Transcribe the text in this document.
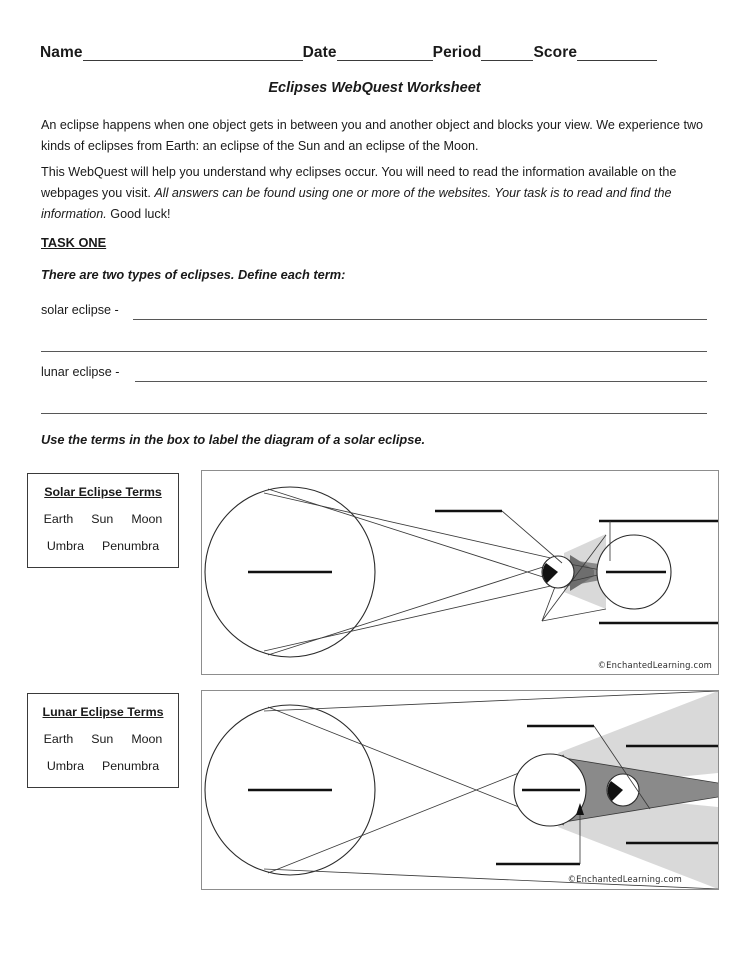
Name	Date	Period	Score
Eclipses WebQuest Worksheet
An eclipse happens when one object gets in between you and another object and blocks your view. We experience two kinds of eclipses from Earth: an eclipse of the Sun and an eclipse of the Moon.
This WebQuest will help you understand why eclipses occur. You will need to read the information available on the webpages you visit. All answers can be found using one or more of the websites. Your task is to read and find the information. Good luck!
TASK ONE
There are two types of eclipses. Define each term:
solar eclipse -
lunar eclipse -
Use the terms in the box to label the diagram of a solar eclipse.
Solar Eclipse Terms
Earth Sun Moon
Umbra Penumbra
©EnchantedLearning.com
Lunar Eclipse Terms
Earth Sun Moon
Umbra Penumbra
©EnchantedLearning.com
